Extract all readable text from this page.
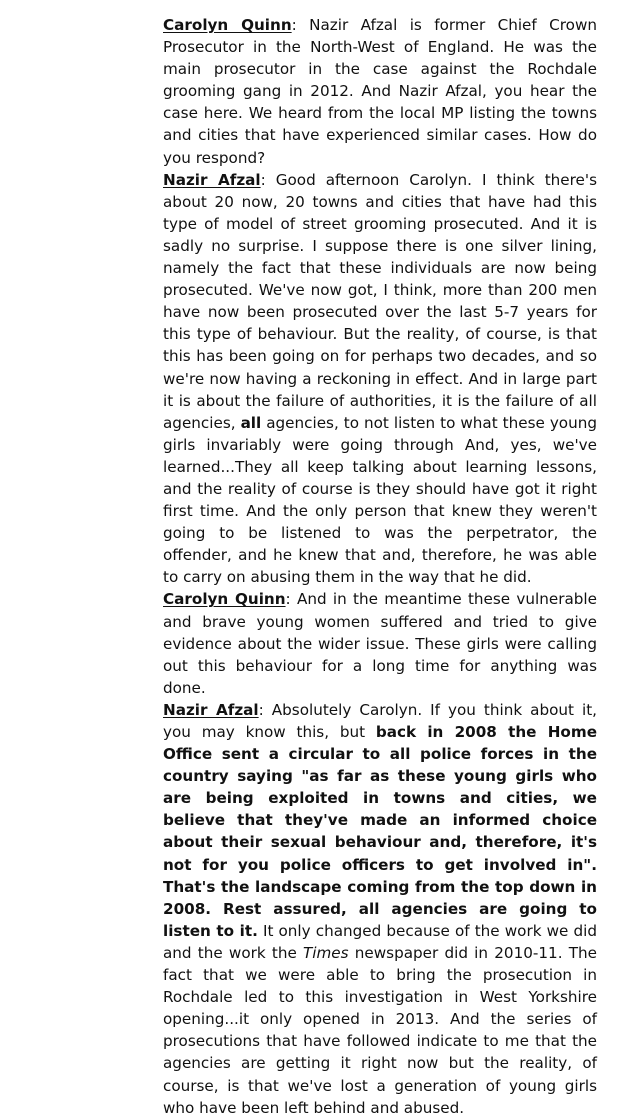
Carolyn Quinn: Nazir Afzal is former Chief Crown Prosecutor in the North-West of England. He was the main prosecutor in the case against the Rochdale grooming gang in 2012. And Nazir Afzal, you hear the case here. We heard from the local MP listing the towns and cities that have experienced similar cases. How do you respond?

Nazir Afzal: Good afternoon Carolyn. I think there's about 20 now, 20 towns and cities that have had this type of model of street grooming prosecuted. And it is sadly no surprise. I suppose there is one silver lining, namely the fact that these individuals are now being prosecuted. We've now got, I think, more than 200 men have now been prosecuted over the last 5-7 years for this type of behaviour. But the reality, of course, is that this has been going on for perhaps two decades, and so we're now having a reckoning in effect. And in large part it is about the failure of authorities, it is the failure of all agencies, all agencies, to not listen to what these young girls invariably were going through And, yes, we've learned...They all keep talking about learning lessons, and the reality of course is they should have got it right first time. And the only person that knew they weren't going to be listened to was the perpetrator, the offender, and he knew that and, therefore, he was able to carry on abusing them in the way that he did.

Carolyn Quinn: And in the meantime these vulnerable and brave young women suffered and tried to give evidence about the wider issue. These girls were calling out this behaviour for a long time for anything was done.

Nazir Afzal: Absolutely Carolyn. If you think about it, you may know this, but back in 2008 the Home Office sent a circular to all police forces in the country saying "as far as these young girls who are being exploited in towns and cities, we believe that they've made an informed choice about their sexual behaviour and, therefore, it's not for you police officers to get involved in". That's the landscape coming from the top down in 2008. Rest assured, all agencies are going to listen to it. It only changed because of the work we did and the work the Times newspaper did in 2010-11. The fact that we were able to bring the prosecution in Rochdale led to this investigation in West Yorkshire opening...it only opened in 2013. And the series of prosecutions that have followed indicate to me that the agencies are getting it right now but the reality, of course, is that we've lost a generation of young girls who have been left behind and abused.
